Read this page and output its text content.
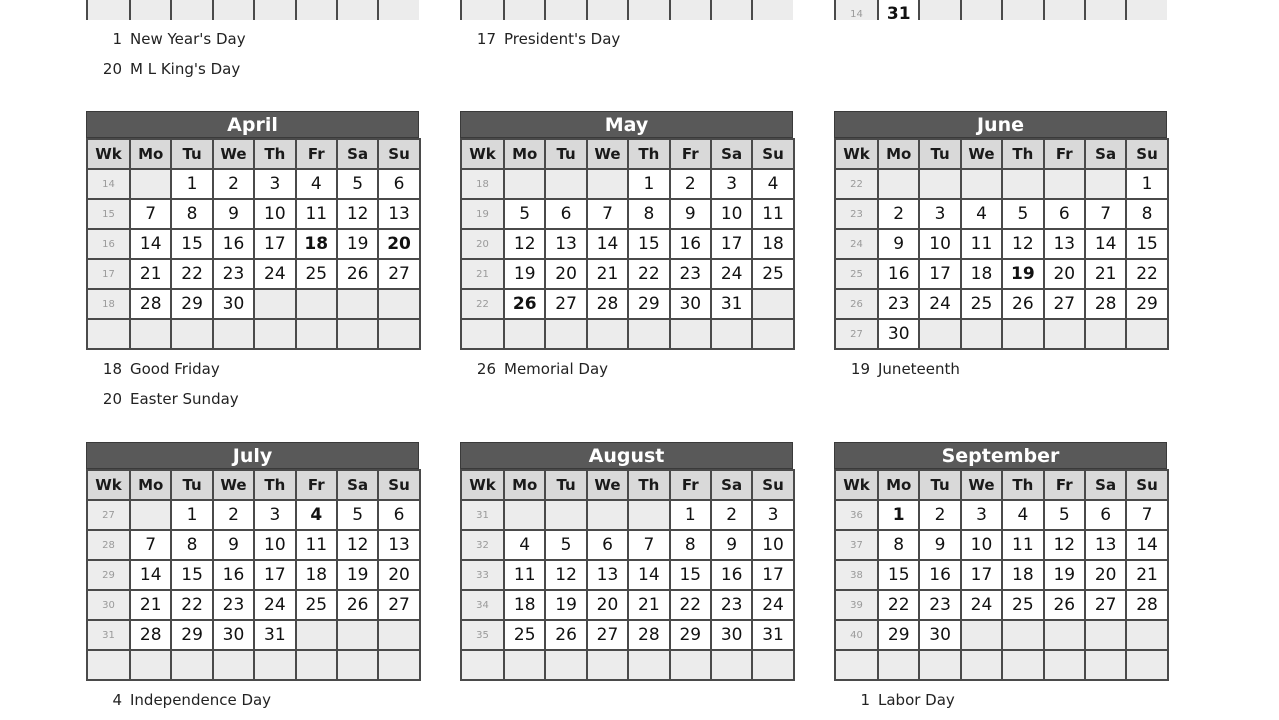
14	31						
1 New Year's Day
20 M L King's Day
17 President's Day
April
Wk	Mo	Tu	We	Th	Fr	Sa	Su
14		1	2	3	4	5	6
15	7	8	9	10	11	12	13
16	14	15	16	17	18	19	20
17	21	22	23	24	25	26	27
18	28	29	30				

May
Wk	Mo	Tu	We	Th	Fr	Sa	Su
18				1	2	3	4
19	5	6	7	8	9	10	11
20	12	13	14	15	16	17	18
21	19	20	21	22	23	24	25
22	26	27	28	29	30	31	

June
Wk	Mo	Tu	We	Th	Fr	Sa	Su
22							1
23	2	3	4	5	6	7	8
24	9	10	11	12	13	14	15
25	16	17	18	19	20	21	22
26	23	24	25	26	27	28	29
27	30						
18 Good Friday
20 Easter Sunday
26 Memorial Day	19 Juneteenth
July
Wk	Mo	Tu	We	Th	Fr	Sa	Su
27		1	2	3	4	5	6
28	7	8	9	10	11	12	13
29	14	15	16	17	18	19	20
30	21	22	23	24	25	26	27
31	28	29	30	31			

August
Wk	Mo	Tu	We	Th	Fr	Sa	Su
31					1	2	3
32	4	5	6	7	8	9	10
33	11	12	13	14	15	16	17
34	18	19	20	21	22	23	24
35	25	26	27	28	29	30	31

September
Wk	Mo	Tu	We	Th	Fr	Sa	Su
36	1	2	3	4	5	6	7
37	8	9	10	11	12	13	14
38	15	16	17	18	19	20	21
39	22	23	24	25	26	27	28
40	29	30					

4 Independence Day	1 Labor Day
